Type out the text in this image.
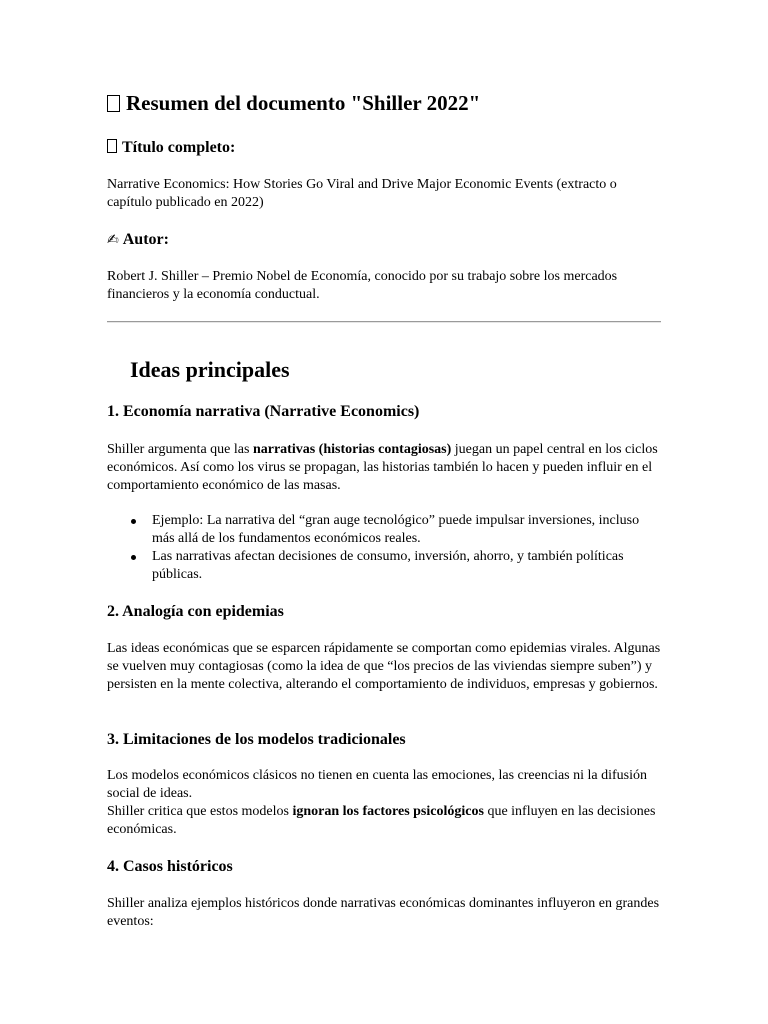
Resumen del documento "Shiller 2022"
Título completo:

Narrative Economics: How Stories Go Viral and Drive Major Economic Events (extracto o capítulo publicado en 2022)

✍ Autor:

Robert J. Shiller – Premio Nobel de Economía, conocido por su trabajo sobre los mercados financieros y la economía conductual.

Ideas principales
1. Economía narrativa (Narrative Economics)

Shiller argumenta que las narrativas (historias contagiosas) juegan un papel central en los ciclos económicos. Así como los virus se propagan, las historias también lo hacen y pueden influir en el comportamiento económico de las masas.

Ejemplo: La narrativa del “gran auge tecnológico” puede impulsar inversiones, incluso más allá de los fundamentos económicos reales.
Las narrativas afectan decisiones de consumo, inversión, ahorro, y también políticas públicas.
2. Analogía con epidemias

Las ideas económicas que se esparcen rápidamente se comportan como epidemias virales. Algunas se vuelven muy contagiosas (como la idea de que “los precios de las viviendas siempre suben”) y persisten en la mente colectiva, alterando el comportamiento de individuos, empresas y gobiernos.

3. Limitaciones de los modelos tradicionales

Los modelos económicos clásicos no tienen en cuenta las emociones, las creencias ni la difusión social de ideas.
Shiller critica que estos modelos ignoran los factores psicológicos que influyen en las decisiones económicas.

4. Casos históricos

Shiller analiza ejemplos históricos donde narrativas económicas dominantes influyeron en grandes eventos:
